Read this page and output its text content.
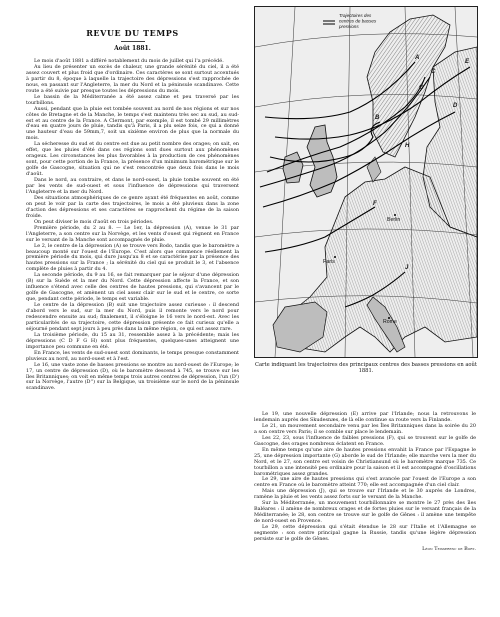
REVUE DU TEMPS

Août 1881.

Le mois d'août 1881 a différé notablement du mois de juillet qui l'a précédé.

Au lieu de présenter un excès de chaleur, une grande sérénité du ciel, il a été assez couvert et plus froid que d'ordinaire. Ces caractères se sont surtout accentués à partir du 8, époque à laquelle la trajectoire des dépressions s'est rapprochée de nous, en passant sur l'Angleterre, la mer du Nord et la péninsule scandinave. Cette route a été suivie par presque toutes les dépressions du mois.

Le bassin de la Méditerranée a été assez calme et peu traversé par les tourbillons.

Aussi, pendant que la pluie est tombée souvent au nord de nos régions et sur nos côtes de Bretagne et de la Manche, le temps s'est maintenu très sec au sud, au sud-est et au centre de la France. A Clermont, par exemple, il est tombé 29 millimètres d'eau en quatre jours de pluie, tandis qu'à Paris, il a plu seize fois, ce qui a donné une hauteur d'eau de 59mm,7, soit un sixième environ de plus que la normale du mois.

La sécheresse du sud et du centre est due au petit nombre des orages; on sait, en effet, que les pluies d'été dans ces régions sont dues surtout aux phénomènes orageux. Les circonstances les plus favorables à la production de ces phénomènes sont, pour cette portion de la France, la présence d'un minimum barométrique sur le golfe de Gascogne, situation qui ne s'est rencontrée que deux fois dans le mois d'août.

Dans le nord, au contraire, et dans le nord-ouest, la pluie tombe souvent en été par les vents de sud-ouest et sous l'influence de dépressions qui traversent l'Angleterre et la mer du Nord.

Des situations atmosphériques de ce genre ayant été fréquentes en août, comme on peut le voir par la carte des trajectoires, le mois a été pluvieux dans la zone d'action des dépressions et ses caractères se rapprochent du régime de la saison froide.

On peut diviser le mois d'août en trois périodes.

Première période, du 2 au 8. — Le 1er, la dépression (A), venue le 31 par l'Angleterre, a son centre sur la Norvège, et les vents d'ouest qui règnent en France sur le versant de la Manche sont accompagnés de pluie.

Le 2, le centre de la dépression (A) se trouve vers Bodo, tandis que le baromètre a beaucoup monté sur l'ouest de l'Europe. C'est alors que commence réellement la première période du mois, qui dure jusqu'au 8 et se caractérise par la présence des hautes pressions sur la France ; la sérénité du ciel qui se produit le 3, et l'absence complète de pluies à partir du 4.

La seconde période, du 9 au 16, se fait remarquer par le séjour d'une dépression (B) sur la Suède et la mer du Nord. Cette dépression affecte la France, et son influence s'étend avec celle des centres de hautes pressions, qui s'avancent par le golfe de Gascogne, et amènent un ciel assez clair sur le sud et le centre, ce sorte que, pendant cette période, le temps est variable.

Le centre de la dépression (B) suit une trajectoire assez curieuse : il descend d'abord vers le sud, sur la mer du Nord, puis il remonte vers le nord pour redescendre ensuite au sud; finalement, il s'éloigne le 16 vers le nord-est. Avec les particularités de sa trajectoire, cette dépression présente ce fait curieux qu'elle a séjourné pendant sept jours à peu près dans la même région, ce qui est assez rare.

La troisième période, du 15 au 31, ressemble assez à la précédente; mais les dépressions (C D F G H) sont plus fréquentes, quelques-unes atteignent une importance peu commune en été.

En France, les vents de sud-ouest sont dominants, le temps presque constamment pluvieux au nord, au nord-ouest et à l'est.

Le 16, une vaste zone de basses pressions se montre au nord-ouest de l'Europe; le 17, un centre de dépression (D), où le baromètre descend à 745, se trouve sur les îles Britanniques; on voit en même temps trois autres centres de dépression, l'un (D') sur la Norvège, l'autre (D'') sur la Belgique, un troisième sur le nord de la péninsule scandinave.

Trajectoires des centres de basses pressions
Berlin
Paris
Rome
A
B
C
D
E
F
G
H
J
Carte indiquant les trajectoires des principaux centres des basses pressions en août 1881.

Le 19, une nouvelle dépression (E) arrive par l'Irlande; nous la retrouvons le lendemain auprès des Skudesnæs, de là elle continue sa route vers la Finlande.

Le 21, un mouvement secondaire venu par les Îles Britanniques dans la soirée du 20 a son centre vers Paris; il se comble sur place le lendemain.

Les 22, 23, sous l'influence de faibles pressions (F), qui se trouvent sur le golfe de Gascogne, des orages nombreux éclatent en France.

En même temps qu'une aire de hautes pressions envahit la France par l'Espagne le 25, une dépression importante (G) aborde le sud de l'Irlande; elle marche vers la mer du Nord, et le 27, son centre est voisin de Christiansund où le baromètre marque 735. Ce tourbillon a une intensité peu ordinaire pour la saison et il est accompagné d'oscillations barométriques assez grandes.

Le 29, une aire de hautes pressions qui s'est avancée par l'ouest de l'Europe a son centre en France où le baromètre atteint 770; elle est accompagnée d'un ciel clair.

Mais une dépression (J), qui se trouve sur l'Irlande et le 30 auprès de Londres, ramène la pluie et les vents assez forts sur le versant de la Manche.

Sur la Méditerranée, un mouvement tourbillonnaire se montre le 27 près des îles Baléares : il amène de nombreux orages et de fortes pluies sur le versant français de la Méditerranée; le 28, son centre se trouve sur le golfe de Gênes : il amène une tempête de nord-ouest en Provence.

Le 29, cette dépression qui s'était étendue le 28 sur l'Italie et l'Allemagne se segmente : son centre principal gagne la Russie, tandis qu'une légère dépression persiste sur le golfe de Gênes.

Léon Teisserenc de Bort.
